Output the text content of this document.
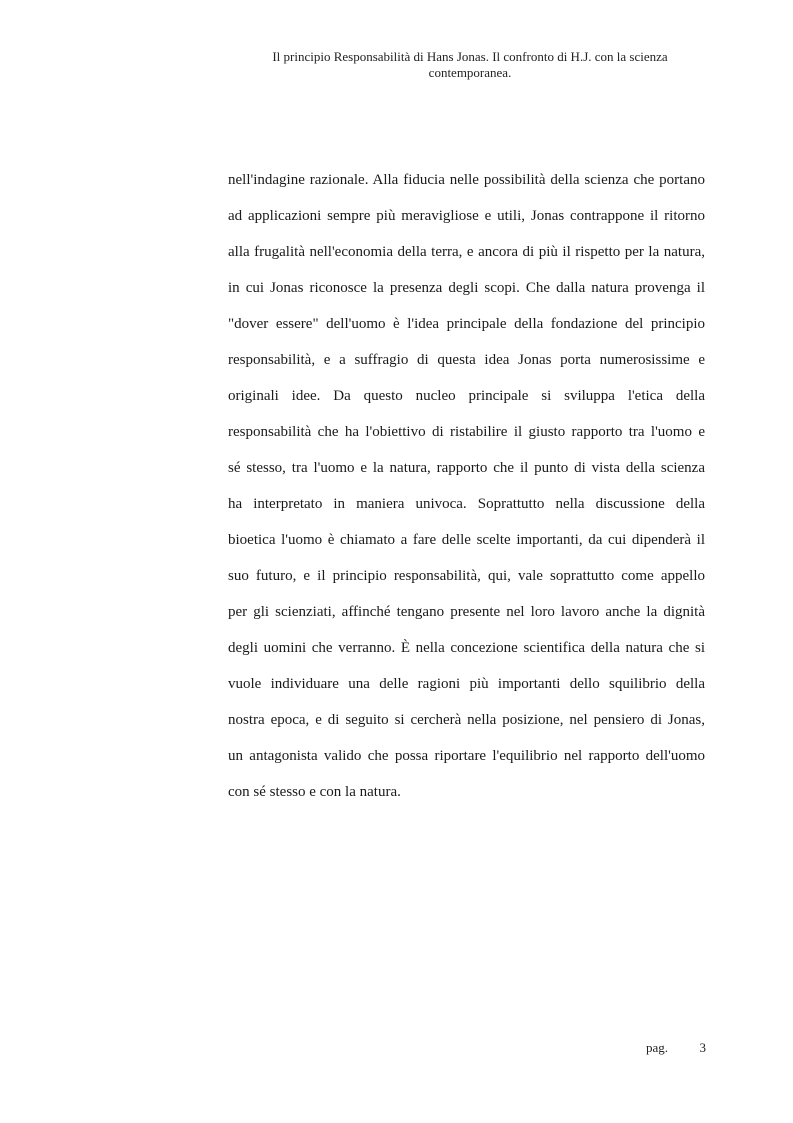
Il principio Responsabilità di Hans Jonas. Il confronto di H.J. con la scienza
contemporanea.
nell'indagine razionale. Alla fiducia nelle possibilità della scienza che portano
ad applicazioni sempre più meravigliose e utili, Jonas contrappone il ritorno
alla frugalità nell'economia della terra, e ancora di più il rispetto per la natura,
in cui Jonas riconosce la presenza degli scopi. Che dalla natura provenga il
"dover essere" dell'uomo è l'idea principale della fondazione del principio
responsabilità, e a suffragio di questa idea Jonas porta numerosissime e
originali idee. Da questo nucleo principale si sviluppa l'etica della
responsabilità che ha l'obiettivo di ristabilire il giusto rapporto tra l'uomo e
sé stesso, tra l'uomo e la natura, rapporto che il punto di vista della scienza
ha interpretato in maniera univoca. Soprattutto nella discussione della
bioetica l'uomo è chiamato a fare delle scelte importanti, da cui dipenderà il
suo futuro, e il principio responsabilità, qui, vale soprattutto come appello
per gli scienziati, affinché tengano presente nel loro lavoro anche la dignità
degli uomini che verranno. È nella concezione scientifica della natura che si
vuole individuare una delle ragioni più importanti dello squilibrio della
nostra epoca, e di seguito si cercherà nella posizione, nel pensiero di Jonas,
un antagonista valido che possa riportare l'equilibrio nel rapporto dell'uomo
con sé stesso e con la natura.
pag. 3
